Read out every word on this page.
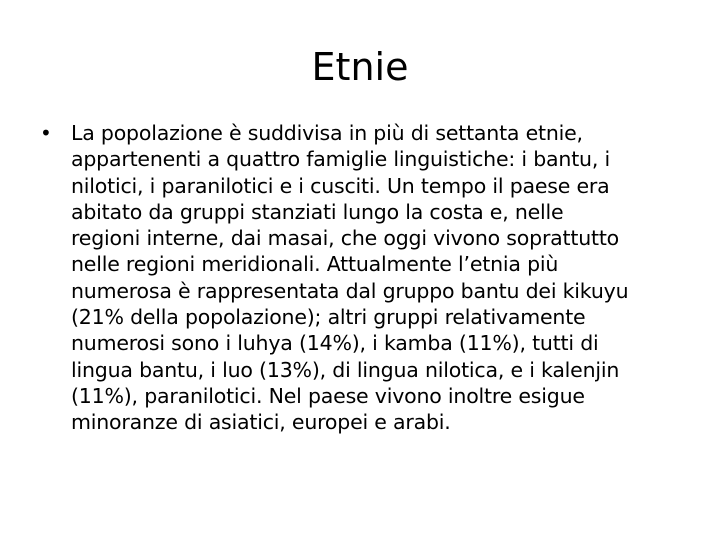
Etnie
• La popolazione è suddivisa in più di settanta etnie,
appartenenti a quattro famiglie linguistiche: i bantu, i
nilotici, i paranilotici e i cusciti. Un tempo il paese era
abitato da gruppi stanziati lungo la costa e, nelle
regioni interne, dai masai, che oggi vivono soprattutto
nelle regioni meridionali. Attualmente l’etnia più
numerosa è rappresentata dal gruppo bantu dei kikuyu
(21% della popolazione); altri gruppi relativamente
numerosi sono i luhya (14%), i kamba (11%), tutti di
lingua bantu, i luo (13%), di lingua nilotica, e i kalenjin
(11%), paranilotici. Nel paese vivono inoltre esigue
minoranze di asiatici, europei e arabi.
